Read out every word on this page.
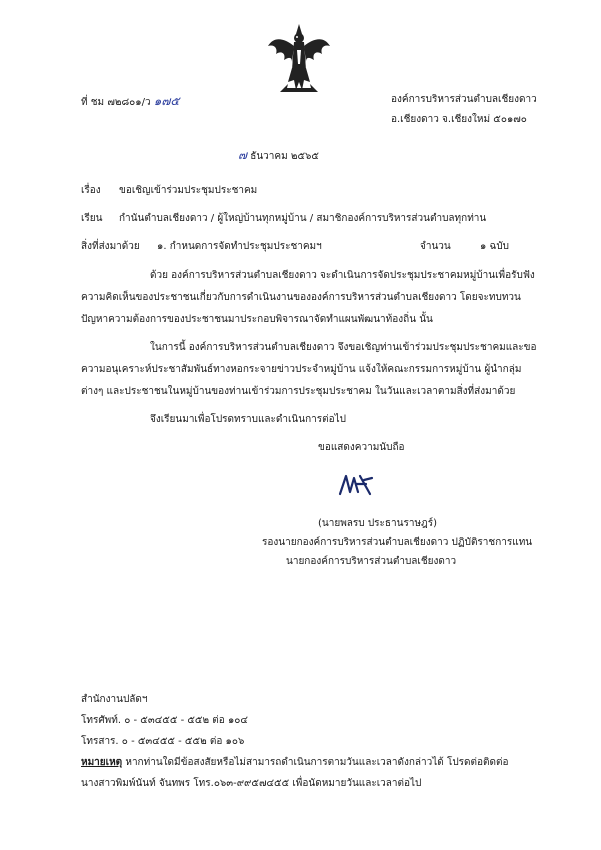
ที่ ชม ๗๒๘๐๑/ว ๑๗๕	องค์การบริหารส่วนตำบลเชียงดาว
อ.เชียงดาว จ.เชียงใหม่ ๕๐๑๗๐
๗ ธันวาคม ๒๕๖๕
เรื่อง ขอเชิญเข้าร่วมประชุมประชาคม
เรียน กำนันตำบลเชียงดาว / ผู้ใหญ่บ้านทุกหมู่บ้าน / สมาชิกองค์การบริหารส่วนตำบลทุกท่าน
สิ่งที่ส่งมาด้วย ๑. กำหนดการจัดทำประชุมประชาคมฯ	จำนวน	๑ ฉบับ
ด้วย องค์การบริหารส่วนตำบลเชียงดาว จะดำเนินการจัดประชุมประชาคมหมู่บ้านเพื่อรับฟัง
ความคิดเห็นของประชาชนเกี่ยวกับการดำเนินงานขององค์การบริหารส่วนตำบลเชียงดาว โดยจะทบทวน
ปัญหาความต้องการของประชาชนมาประกอบพิจารณาจัดทำแผนพัฒนาท้องถิ่น นั้น
ในการนี้ องค์การบริหารส่วนตำบลเชียงดาว จึงขอเชิญท่านเข้าร่วมประชุมประชาคมและขอ
ความอนุเคราะห์ประชาสัมพันธ์ทางหอกระจายข่าวประจำหมู่บ้าน แจ้งให้คณะกรรมการหมู่บ้าน ผู้นำกลุ่ม
ต่างๆ และประชาชนในหมู่บ้านของท่านเข้าร่วมการประชุมประชาคม ในวันและเวลาตามสิ่งที่ส่งมาด้วย
จึงเรียนมาเพื่อโปรดทราบและดำเนินการต่อไป
ขอแสดงความนับถือ
(นายพลรบ ประธานราษฎร์)
รองนายกองค์การบริหารส่วนตำบลเชียงดาว ปฏิบัติราชการแทน
นายกองค์การบริหารส่วนตำบลเชียงดาว
สำนักงานปลัดฯ
โทรศัพท์. ๐ - ๕๓๔๕๕ - ๕๕๒ ต่อ ๑๐๔
โทรสาร. ๐ - ๕๓๔๕๕ - ๕๕๒ ต่อ ๑๐๖
หมายเหตุ หากท่านใดมีข้อสงสัยหรือไม่สามารถดำเนินการตามวันและเวลาดังกล่าวได้ โปรดต่อติดต่อ
นางสาวพิมพ์นันท์ จันทพร โทร.๐๖๓-๙๙๕๗๔๕๕ เพื่อนัดหมายวันและเวลาต่อไป
